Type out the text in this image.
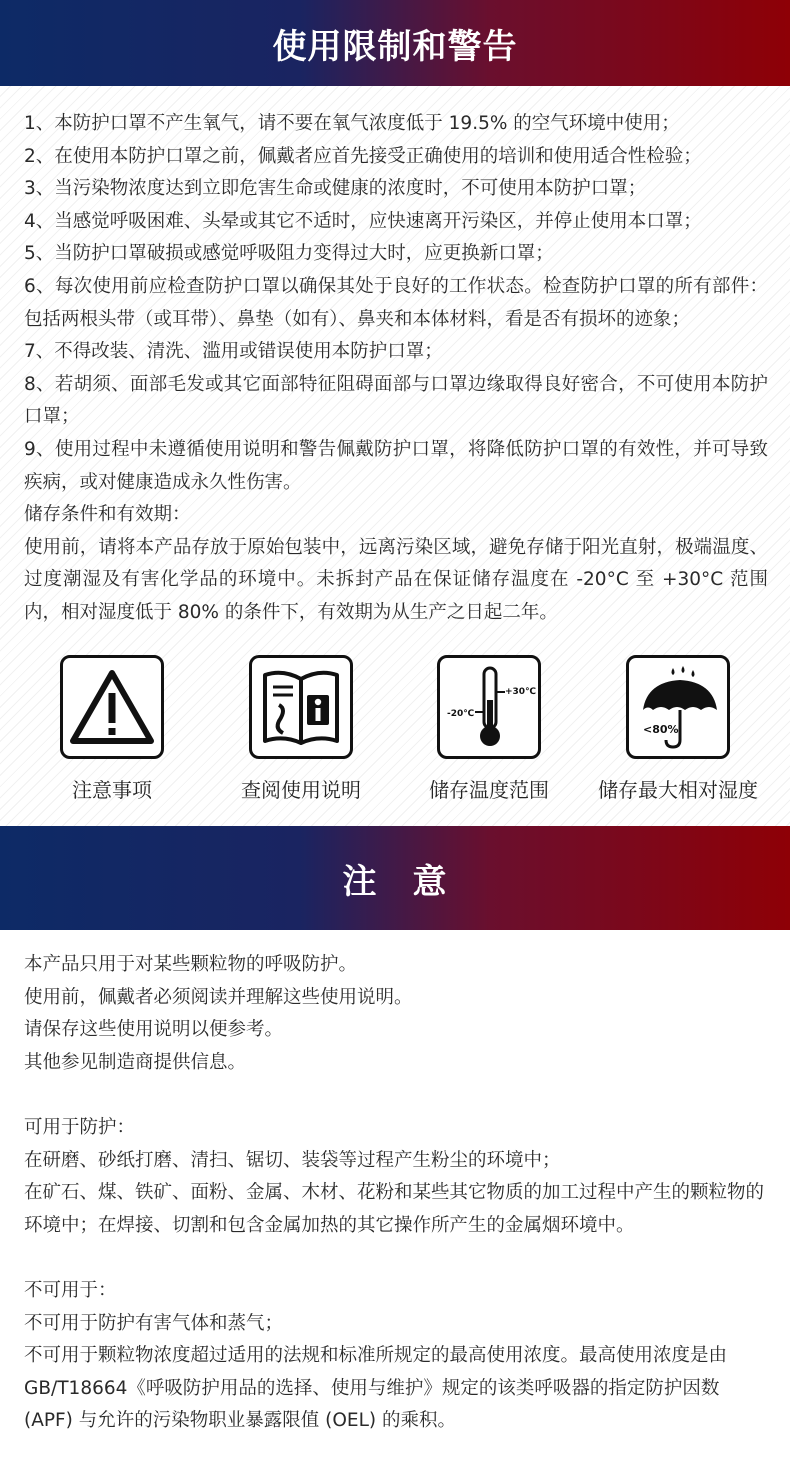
使用限制和警告

1、本防护口罩不产生氧气，请不要在氧气浓度低于 19.5% 的空气环境中使用；

2、在使用本防护口罩之前，佩戴者应首先接受正确使用的培训和使用适合性检验；

3、当污染物浓度达到立即危害生命或健康的浓度时，不可使用本防护口罩；

4、当感觉呼吸困难、头晕或其它不适时，应快速离开污染区，并停止使用本口罩；

5、当防护口罩破损或感觉呼吸阻力变得过大时，应更换新口罩；

6、每次使用前应检查防护口罩以确保其处于良好的工作状态。检查防护口罩的所有部件：包括两根头带（或耳带）、鼻垫（如有）、鼻夹和本体材料，看是否有损坏的迹象；

7、不得改装、清洗、滥用或错误使用本防护口罩；

8、若胡须、面部毛发或其它面部特征阻碍面部与口罩边缘取得良好密合，不可使用本防护口罩；

9、使用过程中未遵循使用说明和警告佩戴防护口罩，将降低防护口罩的有效性，并可导致疾病，或对健康造成永久性伤害。

储存条件和有效期：

使用前，请将本产品存放于原始包装中，远离污染区域，避免存储于阳光直射，极端温度、过度潮湿及有害化学品的环境中。未拆封产品在保证储存温度在 -20°C 至 +30°C 范围内，相对湿度低于 80% 的条件下，有效期为从生产之日起二年。

注意事项	查阅使用说明
+30℃
-20℃
储存温度范围
<80%
储存最大相对湿度
注　意

本产品只用于对某些颗粒物的呼吸防护。

使用前，佩戴者必须阅读并理解这些使用说明。

请保存这些使用说明以便参考。

其他参见制造商提供信息。

可用于防护：

在研磨、砂纸打磨、清扫、锯切、装袋等过程产生粉尘的环境中；

在矿石、煤、铁矿、面粉、金属、木材、花粉和某些其它物质的加工过程中产生的颗粒物的环境中；在焊接、切割和包含金属加热的其它操作所产生的金属烟环境中。

不可用于：

不可用于防护有害气体和蒸气；

不可用于颗粒物浓度超过适用的法规和标准所规定的最高使用浓度。最高使用浓度是由 GB/T18664《呼吸防护用品的选择、使用与维护》规定的该类呼吸器的指定防护因数 (APF) 与允许的污染物职业暴露限值 (OEL) 的乘积。
